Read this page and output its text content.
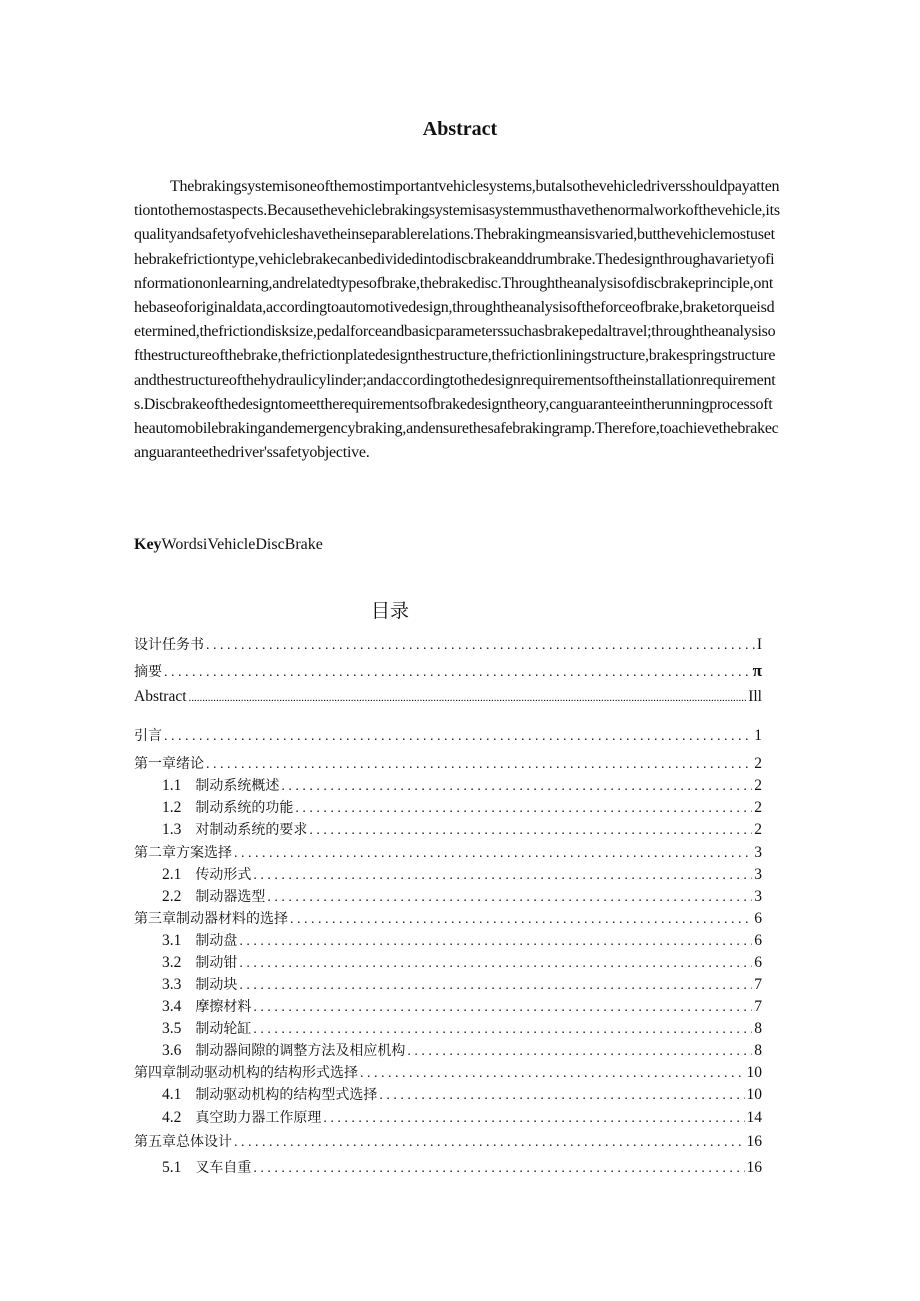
Abstract

Thebrakingsystemisoneofthemostimportantvehiclesystems,butalsothevehicledriversshouldpayattentiontothemostaspects.Becausethevehiclebrakingsystemisasystemmusthavethenormalworkofthevehicle,itsqualityandsafetyofvehicleshavetheinseparablerelations.Thebrakingmeansisvaried,butthevehiclemostusethebrakefrictiontype,vehiclebrakecanbedividedintodiscbrakeanddrumbrake.Thedesignthroughavarietyofinformationonlearning,andrelatedtypesofbrake,thebrakedisc.Throughtheanalysisofdiscbrakeprinciple,onthebaseoforiginaldata,accordingtoautomotivedesign,throughtheanalysisoftheforceofbrake,braketorqueisdetermined,thefrictiondisksize,pedalforceandbasicparameterssuchasbrakepedaltravel;throughtheanalysisofthestructureofthebrake,thefrictionplatedesignthestructure,thefrictionliningstructure,brakespringstructureandthestructureofthehydraulicylinder;andaccordingtothedesignrequirementsoftheinstallationrequirements.Discbrakeofthedesigntomeettherequirementsofbrakedesigntheory,canguaranteeintherunningprocessoftheautomobilebrakingandemergencybraking,andensurethesafebrakingramp.Therefore,toachievethebrakecanguaranteethedriver'ssafetyobjective.

KeyWordsiVehicleDiscBrake
目录
设计任务书 . . .	I
摘要 . . .	π
Abstract .....	Ill
引言 . . .	1
第一章绪论 . . .	2
1.1 制动系统概述 . . .	2
1.2 制动系统的功能 . . .	2
1.3 对制动系统的要求 . . .	2
第二章方案选择 . . .	3
2.1 传动形式 . . .	3
2.2 制动器选型 . . .	3
第三章制动器材料的选择 . . .	6
3.1 制动盘 . . .	6
3.2 制动钳 . . .	6
3.3 制动块 . . .	7
3.4 摩擦材料 . . .	7
3.5 制动轮缸 . . .	8
3.6 制动器间隙的调整方法及相应机构 . . .	8
第四章制动驱动机构的结构形式选择 . . .	10
4.1 制动驱动机构的结构型式选择 . . .	10
4.2 真空助力器工作原理 . . .	14
第五章总体设计 . . .	16
5.1 叉车自重 . . .	16
